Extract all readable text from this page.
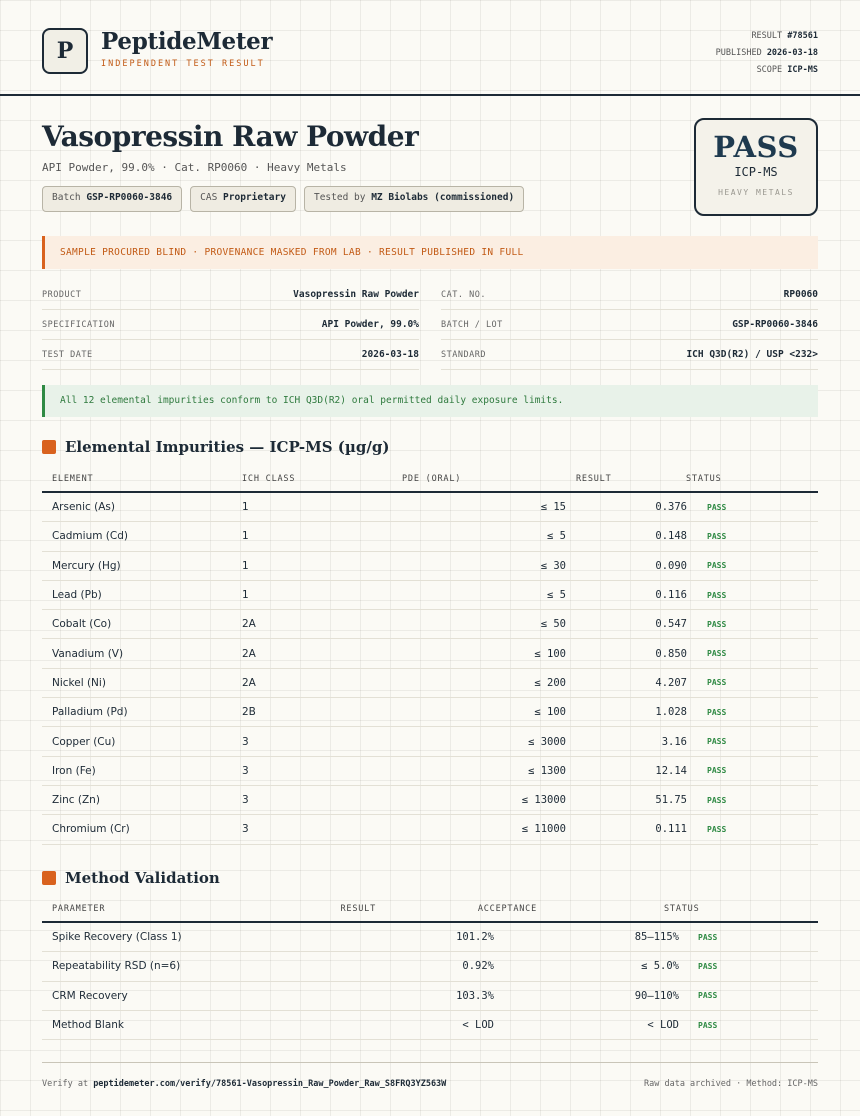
P	PeptideMeter
INDEPENDENT TEST RESULT
RESULT #78561
PUBLISHED 2026-03-18
SCOPE ICP-MS
Vasopressin Raw Powder
API Powder, 99.0% · Cat. RP0060 · Heavy Metals
Batch GSP-RP0060-3846	CAS Proprietary	Tested by MZ Biolabs (commissioned)
PASS
ICP-MS
HEAVY METALS
SAMPLE PROCURED BLIND · PROVENANCE MASKED FROM LAB · RESULT PUBLISHED IN FULL
PRODUCT	Vasopressin Raw Powder	CAT. NO.	RP0060
SPECIFICATION	API Powder, 99.0%	BATCH / LOT	GSP-RP0060-3846
TEST DATE	2026-03-18	STANDARD	ICH Q3D(R2) / USP <232>
All 12 elemental impurities conform to ICH Q3D(R2) oral permitted daily exposure limits.
Elemental Impurities — ICP-MS (µg/g)
ELEMENT	ICH CLASS	PDE (ORAL)	RESULT	STATUS
Arsenic (As)	1	≤ 15	0.376	PASS
Cadmium (Cd)	1	≤ 5	0.148	PASS
Mercury (Hg)	1	≤ 30	0.090	PASS
Lead (Pb)	1	≤ 5	0.116	PASS
Cobalt (Co)	2A	≤ 50	0.547	PASS
Vanadium (V)	2A	≤ 100	0.850	PASS
Nickel (Ni)	2A	≤ 200	4.207	PASS
Palladium (Pd)	2B	≤ 100	1.028	PASS
Copper (Cu)	3	≤ 3000	3.16	PASS
Iron (Fe)	3	≤ 1300	12.14	PASS
Zinc (Zn)	3	≤ 13000	51.75	PASS
Chromium (Cr)	3	≤ 11000	0.111	PASS
Method Validation
PARAMETER	RESULT	ACCEPTANCE	STATUS
Spike Recovery (Class 1)	101.2%	85–115%	PASS
Repeatability RSD (n=6)	0.92%	≤ 5.0%	PASS
CRM Recovery	103.3%	90–110%	PASS
Method Blank	< LOD	< LOD	PASS
Verify at peptidemeter.com/verify/78561-Vasopressin_Raw_Powder_Raw_S8FRQ3YZ563W	Raw data archived · Method: ICP-MS
